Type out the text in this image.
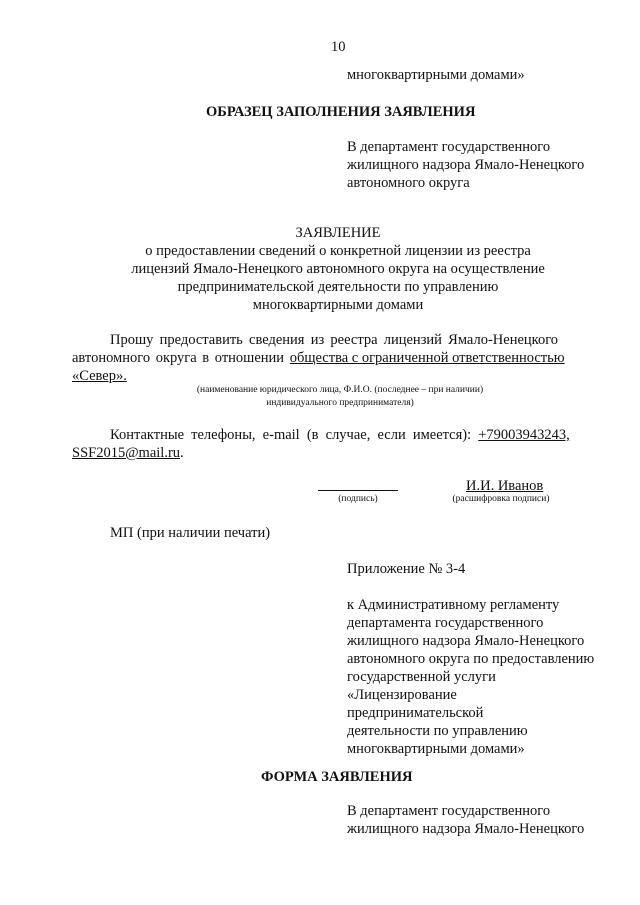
10
многоквартирными домами»
ОБРАЗЕЦ ЗАПОЛНЕНИЯ ЗАЯВЛЕНИЯ
В департамент государственного
жилищного надзора Ямало-Ненецкого
автономного округа
ЗАЯВЛЕНИЕ
о предоставлении сведений о конкретной лицензии из реестра
лицензий Ямало-Ненецкого автономного округа на осуществление
предпринимательской деятельности по управлению
многоквартирными домами
Прошу предоставить сведения из реестра лицензий Ямало-Ненецкого
автономного округа в отношении общества с ограниченной ответственностью
«Север».
(наименование юридического лица, Ф.И.О. (последнее – при наличии)
индивидуального предпринимателя)
Контактные телефоны, e-mail (в случае, если имеется): +79003943243,
SSF2015@mail.ru.
И.И. Иванов
(подпись)	(расшифровка подписи)
МП (при наличии печати)
Приложение № 3-4
к Административному регламенту
департамента государственного
жилищного надзора Ямало-Ненецкого
автономного округа по предоставлению
государственной услуги
«Лицензирование
предпринимательской
деятельности по управлению
многоквартирными домами»
ФОРМА ЗАЯВЛЕНИЯ
В департамент государственного
жилищного надзора Ямало-Ненецкого
